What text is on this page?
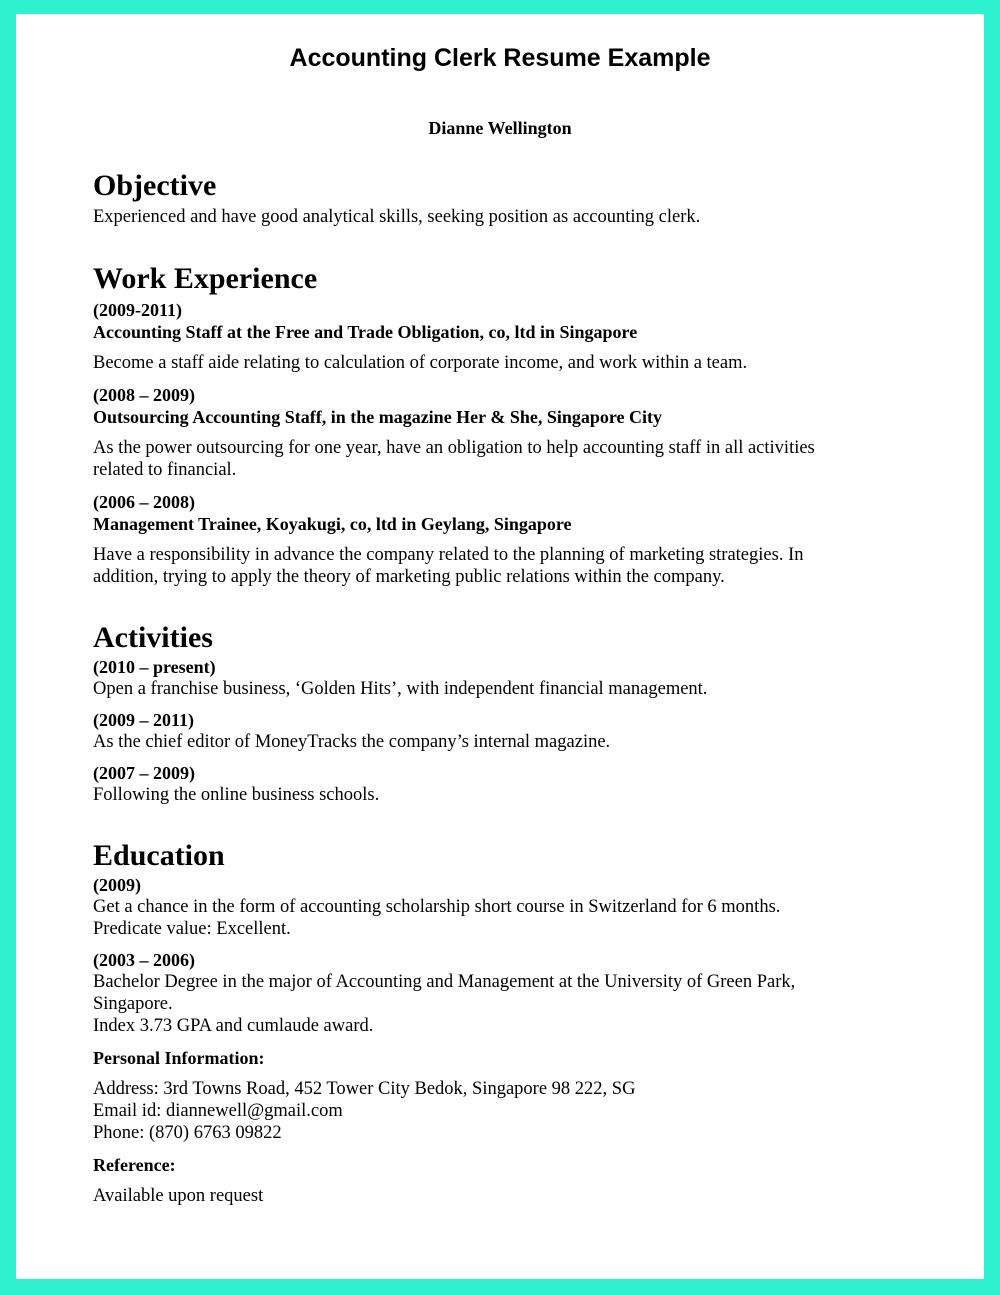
Accounting Clerk Resume Example

Dianne Wellington

Objective

Experienced and have good analytical skills, seeking position as accounting clerk.

Work Experience

(2009-2011)

Accounting Staff at the Free and Trade Obligation, co, ltd in Singapore

Become a staff aide relating to calculation of corporate income, and work within a team.

(2008 – 2009)

Outsourcing Accounting Staff, in the magazine Her & She, Singapore City

As the power outsourcing for one year, have an obligation to help accounting staff in all activities

related to financial.

(2006 – 2008)

Management Trainee, Koyakugi, co, ltd in Geylang, Singapore

Have a responsibility in advance the company related to the planning of marketing strategies. In

addition, trying to apply the theory of marketing public relations within the company.

Activities

(2010 – present)

Open a franchise business, ‘Golden Hits’, with independent financial management.

(2009 – 2011)

As the chief editor of MoneyTracks the company’s internal magazine.

(2007 – 2009)

Following the online business schools.

Education

(2009)

Get a chance in the form of accounting scholarship short course in Switzerland for 6 months.

Predicate value: Excellent.

(2003 – 2006)

Bachelor Degree in the major of Accounting and Management at the University of Green Park,

Singapore.

Index 3.73 GPA and cumlaude award.

Personal Information:

Address: 3rd Towns Road, 452 Tower City Bedok, Singapore 98 222, SG

Email id: diannewell@gmail.com

Phone: (870) 6763 09822

Reference:

Available upon request
